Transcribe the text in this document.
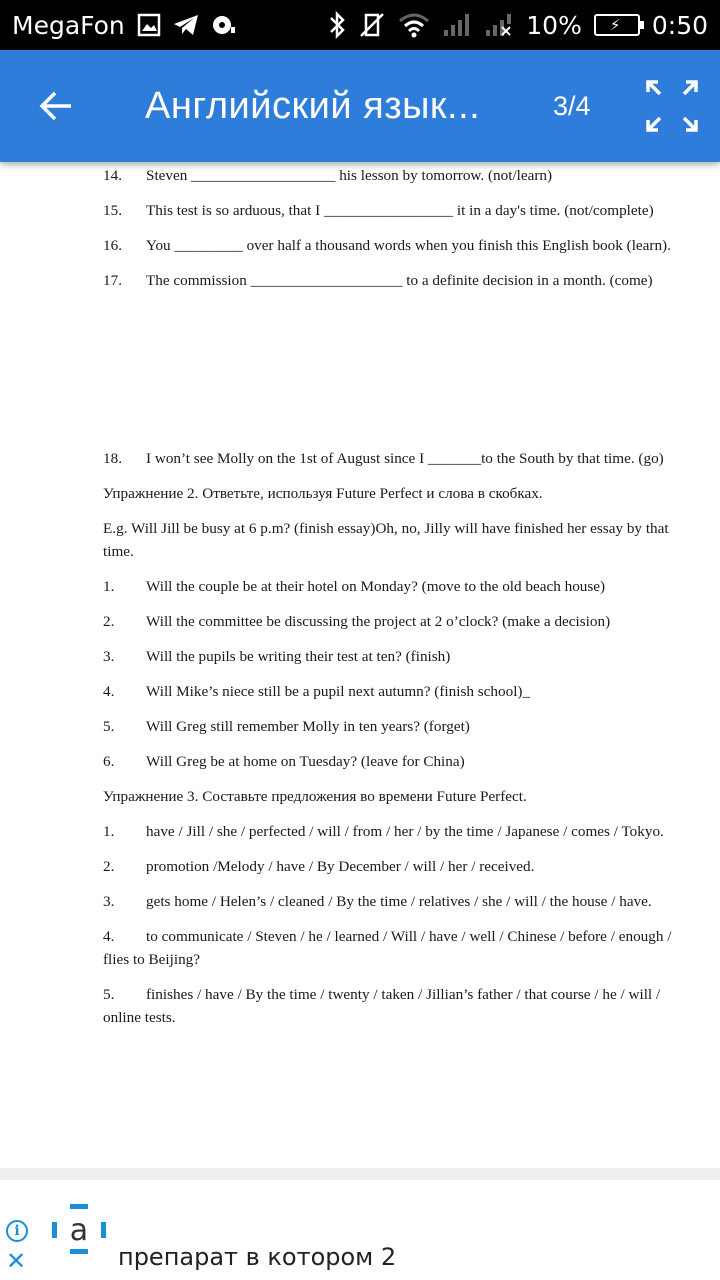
MegaFon	10% ⚡ 0:50
Английский язык...	3/4
14. Steven ___________________ his lesson by tomorrow. (not/learn)
15. This test is so arduous, that I _________________ it in a day's time. (not/complete)
16. You _________ over half a thousand words when you finish this English book (learn).
17. The commission ____________________ to a definite decision in a month. (come)
18. I won’t see Molly on the 1st of August since I _______to the South by that time. (go)
Упражнение 2. Ответьте, используя Future Perfect и слова в скобках.
E.g. Will Jill be busy at 6 p.m? (finish essay)Oh, no, Jilly will have finished her essay by that time.
1. Will the couple be at their hotel on Monday? (move to the old beach house)
2. Will the committee be discussing the project at 2 o’clock? (make a decision)
3. Will the pupils be writing their test at ten? (finish)
4. Will Mike’s niece still be a pupil next autumn? (finish school)_
5. Will Greg still remember Molly in ten years? (forget)
6. Will Greg be at home on Tuesday? (leave for China)
Упражнение 3. Составьте предложения во времени Future Perfect.
1. have / Jill / she / perfected / will / from / her / by the time / Japanese / comes / Tokyo.
2. promotion /Melody / have / By December / will / her / received.
3. gets home / Helen’s / cleaned / By the time / relatives / she / will / the house / have.
4. to communicate / Steven / he / learned / Will / have / well / Chinese / before / enough / flies to Beijing?
5. finishes / have / By the time / twenty / taken / Jillian’s father / that course / he / will / online tests.
i
✕
a
препарат в котором 2
